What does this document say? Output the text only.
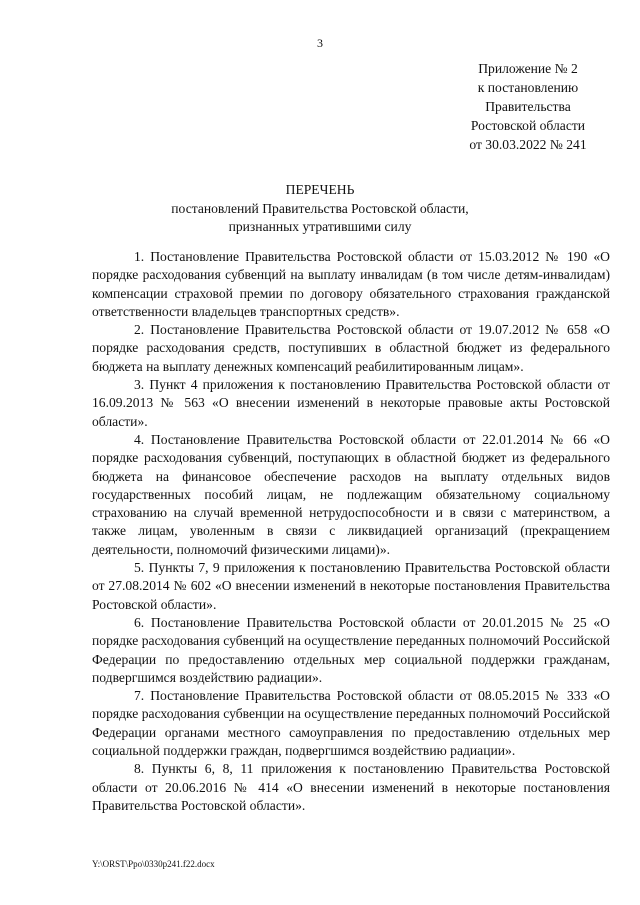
3
Приложение № 2
к постановлению
Правительства
Ростовской области
от 30.03.2022 № 241
ПЕРЕЧЕНЬ
постановлений Правительства Ростовской области,
признанных утратившими силу

1. Постановление Правительства Ростовской области от 15.03.2012 № 190 «О порядке расходования субвенций на выплату инвалидам (в том числе детям-инвалидам) компенсации страховой премии по договору обязательного страхования гражданской ответственности владельцев транспортных средств».

2. Постановление Правительства Ростовской области от 19.07.2012 № 658 «О порядке расходования средств, поступивших в областной бюджет из федерального бюджета на выплату денежных компенсаций реабилитированным лицам».

3. Пункт 4 приложения к постановлению Правительства Ростовской области от 16.09.2013 № 563 «О внесении изменений в некоторые правовые акты Ростовской области».

4. Постановление Правительства Ростовской области от 22.01.2014 № 66 «О порядке расходования субвенций, поступающих в областной бюджет из федерального бюджета на финансовое обеспечение расходов на выплату отдельных видов государственных пособий лицам, не подлежащим обязательному социальному страхованию на случай временной нетрудоспособности и в связи с материнством, а также лицам, уволенным в связи с ликвидацией организаций (прекращением деятельности, полномочий физическими лицами)».

5. Пункты 7, 9 приложения к постановлению Правительства Ростовской области от 27.08.2014 № 602 «О внесении изменений в некоторые постановления Правительства Ростовской области».

6. Постановление Правительства Ростовской области от 20.01.2015 № 25 «О порядке расходования субвенций на осуществление переданных полномочий Российской Федерации по предоставлению отдельных мер социальной поддержки гражданам, подвергшимся воздействию радиации».

7. Постановление Правительства Ростовской области от 08.05.2015 № 333 «О порядке расходования субвенции на осуществление переданных полномочий Российской Федерации органами местного самоуправления по предоставлению отдельных мер социальной поддержки граждан, подвергшимся воздействию радиации».

8. Пункты 6, 8, 11 приложения к постановлению Правительства Ростовской области от 20.06.2016 № 414 «О внесении изменений в некоторые постановления Правительства Ростовской области».

Y:\ORST\Ppo\0330p241.f22.docx
